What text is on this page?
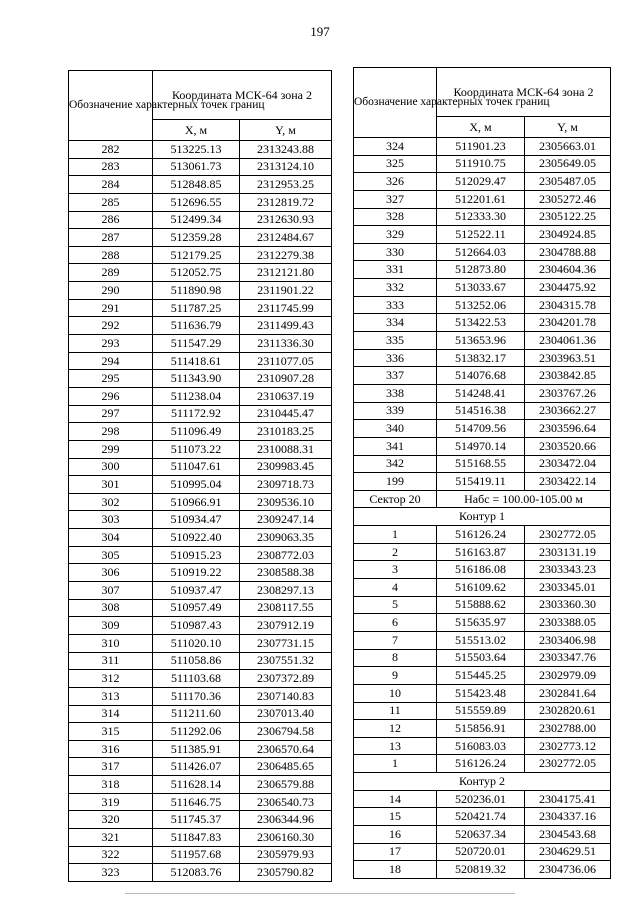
197
Обозначение характерных точек границ	Координата МСК-64 зона 2	
	X, м	Y, м
282	513225.13	2313243.88
283	513061.73	2313124.10
284	512848.85	2312953.25
285	512696.55	2312819.72
286	512499.34	2312630.93
287	512359.28	2312484.67
288	512179.25	2312279.38
289	512052.75	2312121.80
290	511890.98	2311901.22
291	511787.25	2311745.99
292	511636.79	2311499.43
293	511547.29	2311336.30
294	511418.61	2311077.05
295	511343.90	2310907.28
296	511238.04	2310637.19
297	511172.92	2310445.47
298	511096.49	2310183.25
299	511073.22	2310088.31
300	511047.61	2309983.45
301	510995.04	2309718.73
302	510966.91	2309536.10
303	510934.47	2309247.14
304	510922.40	2309063.35
305	510915.23	2308772.03
306	510919.22	2308588.38
307	510937.47	2308297.13
308	510957.49	2308117.55
309	510987.43	2307912.19
310	511020.10	2307731.15
311	511058.86	2307551.32
312	511103.68	2307372.89
313	511170.36	2307140.83
314	511211.60	2307013.40
315	511292.06	2306794.58
316	511385.91	2306570.64
317	511426.07	2306485.65
318	511628.14	2306579.88
319	511646.75	2306540.73
320	511745.37	2306344.96
321	511847.83	2306160.30
322	511957.68	2305979.93
323	512083.76	2305790.82
Обозначение характерных точек границ	Координата МСК-64 зона 2	
	X, м	Y, м
324	511901.23	2305663.01
325	511910.75	2305649.05
326	512029.47	2305487.05
327	512201.61	2305272.46
328	512333.30	2305122.25
329	512522.11	2304924.85
330	512664.03	2304788.88
331	512873.80	2304604.36
332	513033.67	2304475.92
333	513252.06	2304315.78
334	513422.53	2304201.78
335	513653.96	2304061.36
336	513832.17	2303963.51
337	514076.68	2303842.85
338	514248.41	2303767.26
339	514516.38	2303662.27
340	514709.56	2303596.64
341	514970.14	2303520.66
342	515168.55	2303472.04
199	515419.11	2303422.14
Сектор 20	Набс = 100.00-105.00 м	
Контур 1		
1	516126.24	2302772.05
2	516163.87	2303131.19
3	516186.08	2303343.23
4	516109.62	2303345.01
5	515888.62	2303360.30
6	515635.97	2303388.05
7	515513.02	2303406.98
8	515503.64	2303347.76
9	515445.25	2302979.09
10	515423.48	2302841.64
11	515559.89	2302820.61
12	515856.91	2302788.00
13	516083.03	2302773.12
1	516126.24	2302772.05
Контур 2		
14	520236.01	2304175.41
15	520421.74	2304337.16
16	520637.34	2304543.68
17	520720.01	2304629.51
18	520819.32	2304736.06
